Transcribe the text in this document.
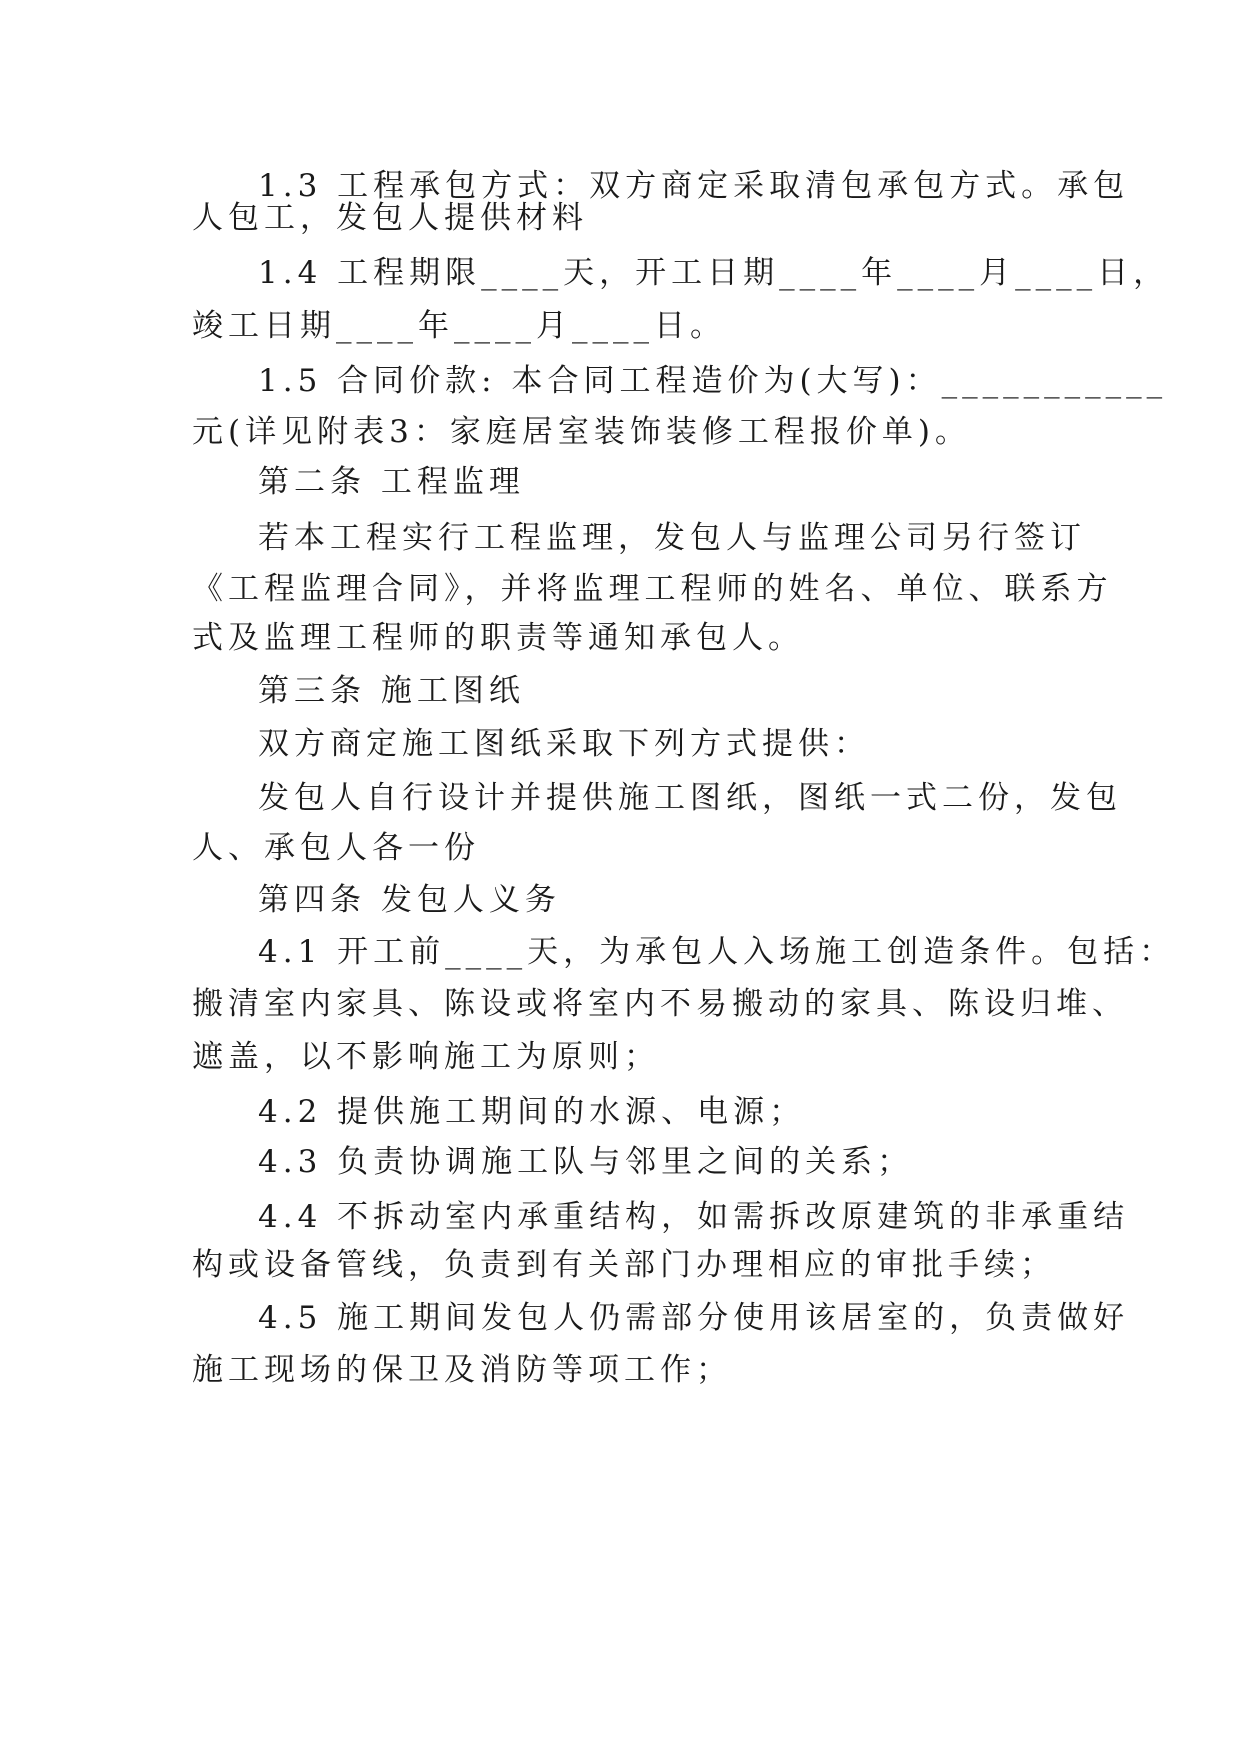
1.3 工程承包方式：双方商定采取清包承包方式。承包
人包工，发包人提供材料
1.4 工程期限____天，开工日期____年____月____日，
竣工日期____年____月____日。
1.5 合同价款: 本合同工程造价为(大写)：___________
元(详见附表3：家庭居室装饰装修工程报价单)。
第二条 工程监理
若本工程实行工程监理，发包人与监理公司另行签订
《工程监理合同》，并将监理工程师的姓名、单位、联系方
式及监理工程师的职责等通知承包人。
第三条 施工图纸
双方商定施工图纸采取下列方式提供：
发包人自行设计并提供施工图纸，图纸一式二份，发包
人、承包人各一份
第四条 发包人义务
4.1 开工前____天，为承包人入场施工创造条件。包括：
搬清室内家具、陈设或将室内不易搬动的家具、陈设归堆、
遮盖，以不影响施工为原则；
4.2 提供施工期间的水源、电源；
4.3 负责协调施工队与邻里之间的关系；
4.4 不拆动室内承重结构，如需拆改原建筑的非承重结
构或设备管线，负责到有关部门办理相应的审批手续；
4.5 施工期间发包人仍需部分使用该居室的，负责做好
施工现场的保卫及消防等项工作；
